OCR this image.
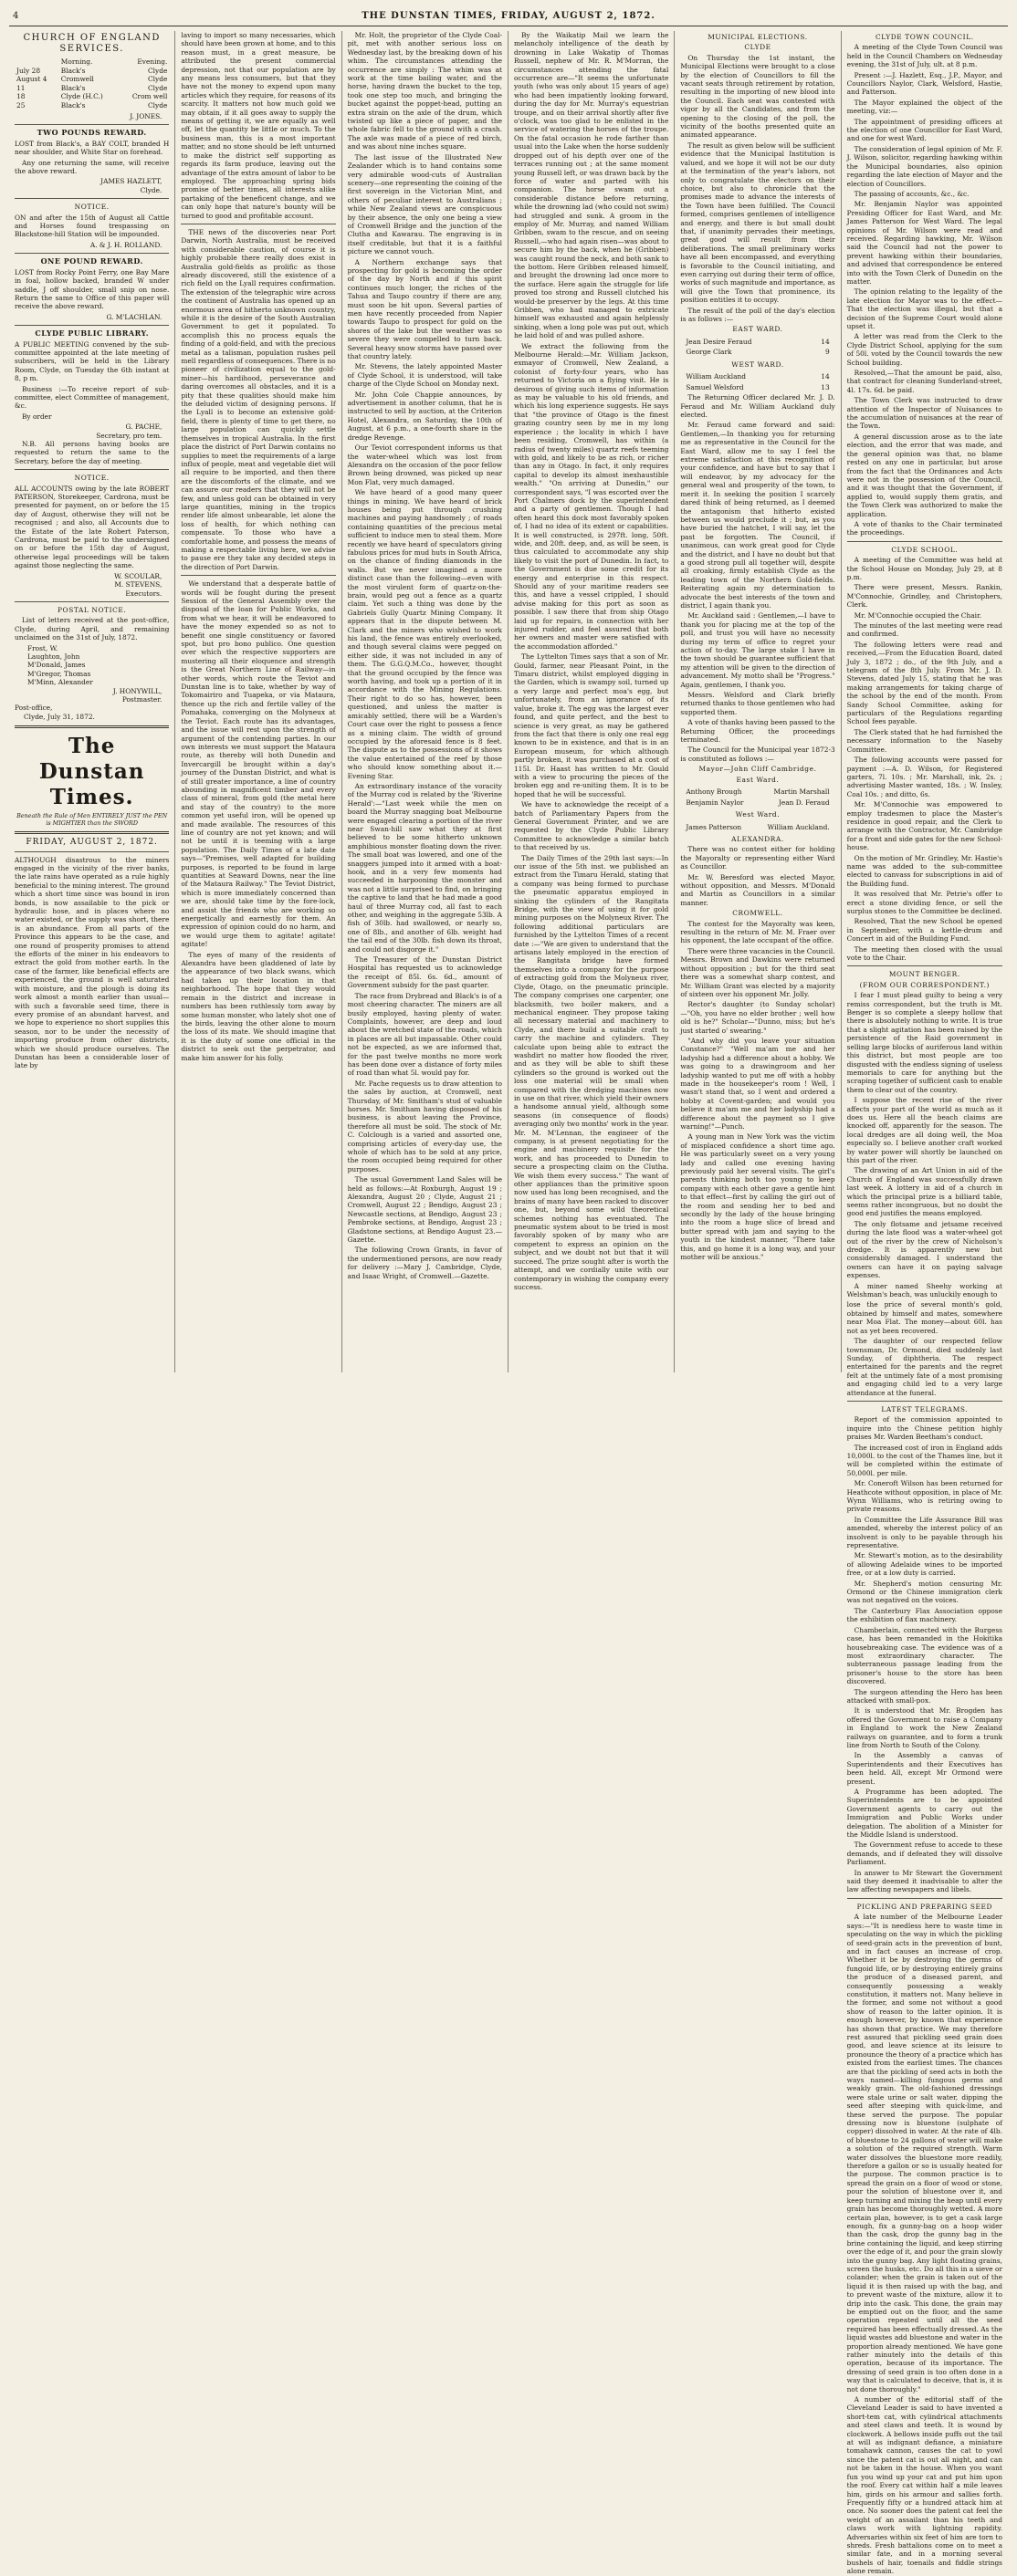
4	THE DUNSTAN TIMES, FRIDAY, AUGUST 2, 1872.
CHURCH OF ENGLAND SERVICES.
	Morning.	Evening.
July 28	Black's	Clyde
August 4	Cromwell	Clyde
11	Black's	Clyde
18	Clyde (H.C.)	Crom well
25	Black's	Clyde
J. JONES.
TWO POUNDS REWARD.

LOST from Black's, a BAY COLT, branded H near shoulder, and White Star on forehead.

Any one returning the same, will receive the above reward.

JAMES HAZLETT,
Clyde.
NOTICE.

ON and after the 15th of August all Cattle and Horses found trespassing on Blackstone-hill Station will be impounded.

A. & J. H. ROLLAND.
ONE POUND REWARD.

LOST from Rocky Point Ferry, one Bay Mare in foal, hollow backed, branded W under saddle, J off shoulder, small snip on nose. Return the same to Office of this paper will receive the above reward.

G. M'LACHLAN.
CLYDE PUBLIC LIBRARY.

A PUBLIC MEETING convened by the sub-committee appointed at the late meeting of subscribers, will be held in the Library Room, Clyde, on Tuesday the 6th instant at 8, p m.

Business :—To receive report of sub-committee, elect Committee of management, &c.

By order

G. PACHE,
Secretary, pro tem.

N.B. All persons having books are requested to return the same to the Secretary, before the day of meeting.

NOTICE.

ALL ACCOUNTS owing by the late ROBERT PATERSON, Storekeeper, Cardrona, must be presented for payment, on or before the 15 day of August, otherwise they will not be recognised ; and also, all Accounts due to the Estate of the late Robert Paterson, Cardrona, must be paid to the undersigned on or before the 15th day of August, otherwise legal proceedings will be taken against those neglecting the same.

W. SCOULAR,
M. STEVENS,
Executors.
POSTAL NOTICE.

List of letters received at the post-office, Clyde, during April, and remaining unclaimed on the 31st of July, 1872.

Frost, W.
Laughton, John
M'Donald, James
M'Gregor, Thomas
M'Minn, Alexander
J. HONYWILL,
Postmaster.
Post-office,
Clyde, July 31, 1872.
The Dunstan Times.
Beneath the Rule of Men ENTIRELY JUST the PEN is MIGHTIER than the SWORD
FRIDAY, AUGUST 2, 1872.

ALTHOUGH disastrous to the miners engaged in the vicinity of the river banks, the late rains have operated as a rule highly beneficial to the mining interest. The ground which a short time since was bound in iron bonds, is now assailable to the pick or hydraulic hose, and in places where no water existed, or the supply was short, there is an abundance. From all parts of the Province this appears to be the case, and one round of prosperity promises to attend the efforts of the miner in his endeavors to extract the gold from mother earth. In the case of the farmer, like beneficial effects are experienced, the ground is well saturated with moisture, and the plough is doing its work almost a month earlier than usual—with such a favorable seed time, there is every promise of an abundant harvest, and we hope to experience no short supplies this season, nor to be under the necessity of importing produce from other districts, which we should produce ourselves. The Dunstan has been a considerable loser of late by

laving to import so many necessaries, which should have been grown at home, and to this reason must, in a great measure, be attributed the present commercial depression, not that our population are by any means less consumers, but that they have not the money to expend upon many articles which they require, for reasons of its scarcity. It matters not how much gold we may obtain, if it all goes away to supply the means of getting it, we are equally as well off, let the quantity be little or much. To the business man, this is a most important matter, and no stone should be left unturned to make the district self supporting as regards its farm produce, leaving out the advantage of the extra amount of labor to be employed. The approaching spring bids promise of better times, all interests alike partaking of the beneficent change, and we can only hope that nature's bounty will be turned to good and profitable account.

THE news of the discoveries near Port Darwin, North Australia, must be received with considerable caution, of course it is highly probable there really does exist in Australia gold-fields as prolific as those already discovered, still the existence of a rich field on the Lyall requires confirmation. The extension of the telegraphic wire across the continent of Australia has opened up an enormous area of hitherto unknown country, while it is the desire of the South Australian Government to get it populated. To accomplish this no process equals the finding of a gold-field, and with the precious metal as a talisman, population rushes pell mell regardless of consequences. There is no pioneer of civilization equal to the gold-miner—his hardihood, perseverance and daring overcomes all obstacles, and it is a pity that these qualities should make him the deluded victim of designing persons. If the Lyall is to become an extensive gold-field, there is plenty of time to get there, no large population can quickly settle themselves in tropical Australia. In the first place the district of Port Darwin contains no supplies to meet the requirements of a large influx of people, meat and vegetable diet will all require to be imported, and then there are the discomforts of the climate, and we can assure our readers that they will not be few, and unless gold can be obtained in very large quantities, mining in the tropics render life almost unbearable, let alone the loss of health, for which nothing can compensate. To those who have a comfortable home, and possess the means of making a respectable living here, we advise to pause ere they take any decided steps in the direction of Port Darwin.

We understand that a desperate battle of words will be fought during the present Session of the General Assembly over the disposal of the loan for Public Works, and from what we hear, it will be endeavored to have the money expended so as not to benefit one single constituency or favored spot, but pro bono publico. One question over which the respective supporters are mustering all their eloquence and strength is the Great Northern Line of Railway—in other words, which route the Teviot and Dunstan line is to take, whether by way of Tokomairiro and Tuapeka, or via Mataura, thence up the rich and fertile valley of the Pomahaka, converging on the Molyneux at the Teviot. Each route has its advantages, and the issue will rest upon the strength of argument of the contending parties. In our own interests we must support the Mataura route, as thereby will both Dunedin and Invercargill be brought within a day's journey of the Dunstan District, and what is of still greater importance, a line of country abounding in magnificent timber and every class of mineral, from gold (the metal here and stay of the country) to the more common yet useful iron, will be opened up and made available. The resources of this line of country are not yet known; and will not be until it is teeming with a large population. The Daily Times of a late date says—"Premises, well adapted for building purposes, is reported to be found in large quantities at Seaward Downs, near the line of the Mataura Railway." The Teviot District, which is more immediately concerned than we are, should take time by the fore-lock, and assist the friends who are working so energetically and earnestly for them. An expression of opinion could do no harm, and we would urge them to agitate! agitate! agitate!

The eyes of many of the residents of Alexandra have been gladdened of late by the appearance of two black swans, which had taken up their location in that neighborhood. The hope that they would remain in the district and increase in numbers has been ruthlessly torn away by some human monster, who lately shot one of the birds, leaving the other alone to mourn the loss of its mate. We should imagine that it is the duty of some one official in the district to seek out the perpetrator, and make him answer for his folly.

Mr. Holt, the proprietor of the Clyde Coal-pit, met with another serious loss on Wednesday last, by the breaking down of his whim. The circumstances attending the occurrence are simply : The whim was at work at the time bailing water, and the horse, having drawn the bucket to the top, took one step too much, and bringing the bucket against the poppet-head, putting an extra strain on the axle of the drum, which twisted up like a piece of paper, and the whole fabric fell to the ground with a crash. The axle was made of a piece of red birch, and was about nine inches square.

The last issue of the Illustrated New Zealander which is to hand contains some very admirable wood-cuts of Australian scenery—one representing the coining of the first sovereign in the Victorian Mint, and others of peculiar interest to Australians ; while New Zealand views are conspicuous by their absence, the only one being a view of Cromwell Bridge and the junction of the Clutha and Kawarau. The engraving is in itself creditable, but that it is a faithful picture we cannot vouch.

A Northern exchange says that prospecting for gold is becoming the order of the day by North and if this spirit continues much longer, the riches of the Tahua and Taupo country if there are any, must soon be hit upon. Several parties of men have recently proceeded from Napier towards Taupo to prospect for gold on the shores of the lake but the weather was so severe they were compelled to turn back. Several heavy snow storms have passed over that country lately.

Mr. Stevens, the lately appointed Master of Clyde School, it is understood, will take charge of the Clyde School on Monday next.

Mr. John Cole Chappie announces, by advertisement in another column, that he is instructed to sell by auction, at the Criterion Hotel, Alexandra, on Saturday, the 10th of August, at 6 p.m., a one-fourth share in the dredge Revenge.

Our Teviot correspondent informs us that the water-wheel which was lost from Alexandra on the occasion of the poor fellow Brown being drowned, was picked up near Mon Flat, very much damaged.

We have heard of a good many queer things in mining. We have heard of brick houses being put through crushing machines and paying handsomely ; of roads containing quantities of the precious metal sufficient to induce men to steal them. More recently we have heard of speculators giving fabulous prices for mud huts in South Africa, on the chance of finding diamonds in the walls. But we never imagined a more distinct case than the following—even with the most virulent form of quartz-on-the-brain, would peg out a fence as a quartz claim. Yet such a thing was done by the Gabriels Gully Quartz Mining Company. It appears that in the dispute between M. Clark and the miners who wished to work his land, the fence was entirely overlooked, and though several claims were pegged on either side, it was not included in any of them. The G.G.Q.M.Co., however, thought that the ground occupied by the fence was worth having, and took up a portion of it in accordance with the Mining Regulations. Their right to do so has, however, been questioned, and unless the matter is amicably settled, there will be a Warden's Court case over the right to possess a fence as a mining claim. The width of ground occupied by the aforesaid fence is 8 feet. The dispute as to the possessions of it shows the value entertained of the reef by those who should know something about it.—Evening Star.

An extraordinary instance of the voracity of the Murray cod is related by the 'Riverine Herald':—"Last week while the men on board the Murray snagging boat Melbourne were engaged clearing a portion of the river near Swan-hill saw what they at first believed to be some hitherto unknown amphibious monster floating down the river. The small boat was lowered, and one of the snaggers jumped into it armed with a boat-hook, and in a very few moments had succeeded in harpooning the monster and was not a little surprised to find, on bringing the captive to land that he had made a good haul of three Murray cod, all fast to each other, and weighing in the aggregate 53lb. A fish of 30lb. had swallowed, or nearly so, one of 8lb., and another of 6lb. weight had the tail end of the 30lb. fish down its throat, and could not disgorge it."

The Treasurer of the Dunstan District Hospital has requested us to acknowledge the receipt of 85l. 6s. 6d., amount of Government subsidy for the past quarter.

The race from Drybread and Black's is of a most cheering character. The miners are all busily employed, having plenty of water. Complaints, however, are deep and loud about the wretched state of the roads, which in places are all but impassable. Other could not be expected, as we are informed that, for the past twelve months no more work has been done over a distance of forty miles of road than what 5l. would pay for.

Mr. Pache requests us to draw attention to the sales by auction, at Cromwell, next Thursday, of Mr. Smitham's stud of valuable horses. Mr. Smitham having disposed of his business, is about leaving the Province, therefore all must be sold. The stock of Mr. C. Colclough is a varied and assorted one, comprising articles of every-day use, the whole of which has to be sold at any price, the room occupied being required for other purposes.

The usual Government Land Sales will be held as follows:—At Roxburgh, August 19 ; Alexandra, August 20 ; Clyde, August 21 ; Cromwell, August 22 ; Bendigo, August 23 ; Newcastle sections, at Bendigo, August 23 ; Pembroke sections, at Bendigo, August 23 ; Gladstone sections, at Bendigo August 23.—Gazette.

The following Crown Grants, in favor of the undermentioned persons, are now ready for delivery :—Mary J. Cambridge, Clyde, and Isaac Wright, of Cromwell.—Gazette.

By the Waikatip Mail we learn the melancholy intelligence of the death by drowning in Lake Wakatip of Thomas Russell, nephew of Mr. R. M'Morran, the circumstances attending the fatal occurrence are—"It seems the unfortunate youth (who was only about 15 years of age) who had been impatiently looking forward, during the day for Mr. Murray's equestrian troupe, and on their arrival shortly after five o'clock, was too glad to be enlisted in the service of watering the horses of the troupe. On the fatal occasion he rode farther than usual into the Lake when the horse suddenly dropped out of his depth over one of the terraces running out ; at the same moment young Russell left, or was drawn back by the force of water and parted with his companion. The horse swam out a considerable distance before returning, while the drowning lad (who could not swim) had struggled and sunk. A groom in the employ of Mr. Murray, and named William Gribben, swam to the rescue, and on seeing Russell,—who had again risen—was about to secure him by the back, when he (Gribben) was caught round the neck, and both sank to the bottom. Here Gribben released himself, and brought the drowning lad once more to the surface. Here again the struggle for life proved too strong and Russell clutched his would-be preserver by the legs. At this time Gribben, who had managed to extricate himself was exhausted and again helplessly sinking, when a long pole was put out, which he laid hold of and was pulled ashore.

We extract the following from the Melbourne Herald:—Mr. William Jackson, exmayor of Cromwell, New Zealand, a colonist of forty-four years, who has returned to Victoria on a flying visit. He is desirous of giving such items of information as may be valuable to his old friends, and which his long experience suggests. He says that "the province of Otago is the finest grazing country seen by me in my long experience ; the locality in which I have been residing, Cromwell, has within (a radius of twenty miles) quartz reefs teeming with gold, and likely to be as rich, or richer than any in Otago. In fact, it only requires capital to develop its almost inexhaustible wealth." "On arriving at Dunedin," our correspondent says, "I was escorted over the Port Chalmers dock by the superintendent and a party of gentlemen. Though I had often heard this dock most favorably spoken of, I had no idea of its extent or capabilities. It is well constructed, is 297ft. long, 50ft. wide, and 20ft. deep, and, as will be seen, is thus calculated to accommodate any ship likely to visit the port of Dunedin. In fact, to the Government is due some credit for its energy and enterprise in this respect. Should any of your maritime readers see this, and have a vessel crippled, I should advise making for this port as soon as possible. I saw there that from ship Otago laid up for repairs, in connection with her injured rudder, and feel assured that both her owners and master were satisfied with the accommodation afforded."

The Lyttelton Times says that a son of Mr. Gould, farmer, near Pleasant Point, in the Timaru district, whilst employed digging in the Garden, which is swampy soil, turned up a very large and perfect moa's egg, but unfortunately, from an ignorance of its value, broke it. The egg was the largest ever found, and quite perfect, and the best to science is very great, as may be gathered from the fact that there is only one real egg known to be in existence, and that is in an European museum, for which although partly broken, it was purchased at a cost of 115l. Dr. Haast has written to Mr. Gould with a view to procuring the pieces of the broken egg and re-uniting them. It is to be hoped that he will be successful.

We have to acknowledge the receipt of a batch of Parliamentary Papers from the General Government Printer, and we are requested by the Clyde Public Library Committee to acknowledge a similar batch to that received by us.

The Daily Times of the 29th last says:—In our issue of the 5th inst. we published an extract from the Timaru Herald, stating that a company was being formed to purchase the pneumatic apparatus employed in sinking the cylinders of the Rangitata Bridge, with the view of using it for gold mining purposes on the Molyneux River. The following additional particulars are furnished by the Lyttelton Times of a recent date :—"We are given to understand that the artisans lately employed in the erection of the Rangitata bridge have formed themselves into a company for the purpose of extracting gold from the Molyneux river, Clyde, Otago, on the pneumatic principle. The company comprises one carpenter, one blacksmith, two boiler makers, and a mechanical engineer. They propose taking all necessary material and machinery to Clyde, and there build a suitable craft to carry the machine and cylinders. They calculate upon being able to extract the washdirt no matter how flooded the river, and as they will be able to shift these cylinders so the ground is worked out the loss one material will be small when compared with the dredging machines now in use on that river, which yield their owners a handsome annual yield, although some seasons (in consequence of floods) averaging only two months' work in the year. Mr. M. M'Lennan, the engineer of the company, is at present negotiating for the engine and machinery requisite for the work, and has proceeded to Dunedin to secure a prospecting claim on the Clutha. We wish them every success." The want of other appliances than the primitive spoon now used has long been recognised, and the brains of many have been racked to discover one, but, beyond some wild theoretical schemes nothing has eventuated. The pneumatic system about to be tried is most favorably spoken of by many who are competent to express an opinion on the subject, and we doubt not but that it will succeed. The prize sought after is worth the attempt, and we cordially unite with our contemporary in wishing the company every success.

MUNICIPAL ELECTIONS.
CLYDE

On Thursday the 1st instant, the Municipal Elections were brought to a close by the election of Councillors to fill the vacant seats through retirement by rotation, resulting in the importing of new blood into the Council. Each seat was contested with vigor by all the Candidates, and from the opening to the closing of the poll, the vicinity of the booths presented quite an animated appearance.

The result as given below will be sufficient evidence that the Municipal Institution is valued, and we hope it will not be our duty at the termination of the year's labors, not only to congratulate the electors on their choice, but also to chronicle that the promises made to advance the interests of the Town have been fulfilled. The Council formed, comprises gentlemen of intelligence and energy, and there is but small doubt that, if unanimity pervades their meetings, great good will result from their deliberations. The small preliminary works have all been encompassed, and everything is favorable to the Council initiating, and even carrying out during their term of office, works of such magnitude and importance, as will give the Town that prominence, its position entitles it to occupy.

The result of the poll of the day's election is as follows :—

EAST WARD.
Jean Desire Feraud	14
George Clark	9
WEST WARD.
William Auckland	14
Samuel Welsford	13

The Returning Officer declared Mr. J. D. Feraud and Mr. William Auckland duly elected.

Mr. Feraud came forward and said: Gentlemen,—In thanking you for returning me as representative in the Council for the East Ward, allow me to say I feel the extreme satisfaction at this recognition of your confidence, and have but to say that I will endeavor, by my advocacy for the general weal and prosperity of the town, to merit it. In seeking the position I scarcely dared think of being returned, as I deemed the antagonism that hitherto existed between us would preclude it ; but, as you have buried the hatchet, I will say, let the past be forgotten. The Council, if unanimous, can work great good for Clyde and the district, and I have no doubt but that a good strong pull all together will, despite all croaking, firmly establish Clyde as the leading town of the Northern Gold-fields. Reiterating again my determination to advocate the best interests of the town and district, I again thank you.

Mr. Auckland said : Gentlemen,—I have to thank you for placing me at the top of the poll, and trust you will have no necessity during my term of office to regret your action of to-day. The large stake I have in the town should be guarantee sufficient that my attention will be given to the direction of advancement. My motto shall be "Progress." Again, gentlemen, I thank you.

Messrs. Welsford and Clark briefly returned thanks to those gentlemen who had supported them.

A vote of thanks having been passed to the Returning Officer, the proceedings terminated.

The Council for the Municipal year 1872-3 is constituted as follows :—

Mayor—John Cliff Cambridge.
East Ward.
Anthony Brough	Martin Marshall
Benjamin Naylor	Jean D. Feraud
West Ward.
James Patterson	William Auckland.
ALEXANDRA.

There was no contest either for holding the Mayoralty or representing either Ward as Councillor.

Mr. W. Beresford was elected Mayor, without opposition, and Messrs. M'Donald and Martin as Councillors in a similar manner.

CROMWELL.

The contest for the Mayoralty was keen, resulting in the return of Mr. M. Fraer over his opponent, the late occupant of the office.

There were three vacancies in the Council. Messrs. Brown and Dawkins were returned without opposition ; but for the third seat there was a somewhat sharp contest, and Mr. William Grant was elected by a majority of sixteen over his opponent Mr. Jolly.

Rector's daughter (to Sunday scholar)—"Oh, you have no elder brother ; well how old is he?" Scholar—"Dunno, miss; but he's just started o' swearing."

"And why did you leave your situation Constance?" "Well ma'am me and her ladyship had a difference about a hobby. We was going to a drawingroom and her ladyship wanted to put me off with a hobby made in the housekeeper's room ! Well, I wasn't stand that, so I went and ordered a hobby at Covent-garden; and would you believe it ma'am me and her ladyship had a difference about the payment so I give warning!"—Punch.

A young man in New York was the victim of misplaced confidence a short time ago. He was particularly sweet on a very young lady and called one evening having previously paid her several visits. The girl's parents thinking both too young to keep company with each other gave a gentle hint to that effect—first by calling the girl out of the room and sending her to bed and secondly by the lady of the house bringing into the room a huge slice of bread and butter spread with jam and saying to the youth in the kindest manner, "There take this, and go home it is a long way, and your mother will be anxious."

CLYDE TOWN COUNCIL.

A meeting of the Clyde Town Council was held in the Council Chambers on Wednesday evening, the 31st of July, ult. at 8 p.m.

Present :—J. Hazlett, Esq., J.P., Mayor, and Councillors Naylor, Clark, Welsford, Hastie, and Patterson.

The Mayor explained the object of the meeting, viz:—

The appointment of presiding officers at the election of one Councillor for East Ward, and one for west Ward.

The consideration of legal opinion of Mr. F. J. Wilson, solicitor, regarding hawking within the Municipal boundaries, also opinion regarding the late election of Mayor and the election of Councillors.

The passing of accounts, &c., &c.

Mr. Benjamin Naylor was appointed Presiding Officer for East Ward, and Mr. James Patterson for West Ward. The legal opinions of Mr. Wilson were read and received. Regarding hawking, Mr. Wilson said the Council had not the power to prevent hawking within their boundaries, and advised that correspondence be entered into with the Town Clerk of Dunedin on the matter.

The opinion relating to the legality of the late election for Mayor was to the effect—That the election was illegal, but that a decision of the Supreme Court would alone upset it.

A letter was read from the Clerk to the Clyde District School, applying for the sum of 50l. voted by the Council towards the new School building.

Resolved,—That the amount be paid, also, that contract for cleaning Sunderland-street, 4l. 17s. 6d. be paid.

The Town Clerk was instructed to draw attention of the Inspector of Nuisances to the accumulation of nuisances at the rear of the Town.

A general discussion arose as to the late election, and the error that was made, and the general opinion was that, no blame rested on any one in particular, but arose from the fact that the Ordinances and Acts were not in the possession of the Council, and it was thought that the Government, if applied to, would supply them gratis, and the Town Clerk was authorized to make the application.

A vote of thanks to the Chair terminated the proceedings.

CLYDE SCHOOL.

A meeting of the Committee was held at the School House on Monday, July 29, at 8 p.m.

There were present, Messrs. Rankin, M'Connochie, Grindley, and Christophers, Clerk.

Mr. M'Connochie occupied the Chair.

The minutes of the last meeting were read and confirmed.

The following letters were read and received,—From the Education Board, dated July 3, 1872 ; do., of the 9th July, and a telegram of the 8th July. From Mr. J. D. Stevens, dated July 15, stating that he was making arrangements for taking charge of the school by the end of the month. From Sandy School Committee, asking for particulars of the Regulations regarding School fees payable.

The Clerk stated that he had furnished the necessary information to the Naseby Committee.

The following accounts were passed for payment :—A. D. Wilson, for Registered garters, 7l. 10s. ; Mr. Marshall, ink, 2s. ; advertising Master wanted, 18s. ; W. Insley, Coal 10s. ; and ditto, 6s.

Mr. M'Connochie was empowered to employ tradesmen to place the Master's residence in good repair, and the Clerk to arrange with the Contractor, Mr. Cambridge for a front and side gates for the new School-house.

On the motion of Mr. Grindley, Mr. Hastie's name was added to the sub-committee elected to canvass for subscriptions in aid of the Building fund.

It was resolved that Mr. Petrie's offer to erect a stone dividing fence, or sell the surplus stones to the Committee be declined.

Resolved, That the new School be opened in September, with a kettle-drum and Concert in aid of the Building Fund.

The meeting then closed with the usual vote to the Chair.

MOUNT BENGER.
(FROM OUR CORRESPONDENT.)

I fear I must plead guilty to being a very remiss correspondent, but the truth is Mt. Benger is so complete a sleepy hollow that there is absolutely nothing to write. It is true that a slight agitation has been raised by the persistence of the Raid government in selling large blocks of auriferous land within this district, but most people are too disgusted with the endless signing of useless memorials to care for anything but the scraping together of sufficient cash to enable them to clear out of the country.

I suppose the recent rise of the river affects your part of the world as much as it does us. Here all the beach claims are knocked off, apparently for the season. The local dredges are all doing well, the Moa especially so. I believe another craft worked by water power will shortly be launched on this part of the river.

The drawing of an Art Union in aid of the Church of England was successfully drawn last week. A lottery in aid of a church in which the principal prize is a billiard table, seems rather incongruous, but no doubt the good end justifies the means employed.

The only flotsame and jetsame received during the late flood was a water-wheel got out of the river by the crew of Nicholson's dredge. It is apparently new but considerably damaged. I understand the owners can have it on paying salvage expenses.

A miner named Sheehy working at Welshman's beach, was unluckily enough to

lose the price of several month's gold, obtained by himself and mates, somewhere near Moa Flat. The money—about 60l. has not as yet been recovered.

The daughter of our respected fellow townsman, Dr. Ormond, died suddenly last Sunday, of diphtheria. The respect entertained for the parents and the regret felt at the untimely fate of a most promising and engaging child led to a very large attendance at the funeral.

LATEST TELEGRAMS.

Report of the commission appointed to inquire into the Chinese petition highly praises Mr. Warden Beetham's conduct.

The increased cost of iron in England adds 10,000l. to the cost of the Thames line, but it will be completed within the estimate of 50,000l. per mile.

Mr. Coneroft Wilson has been returned for Heathcote without opposition, in place of Mr. Wynn Williams, who is retiring owing to private reasons.

In Committee the Life Assurance Bill was amended, whereby the interest policy of an insolvent is only to be payable through his representative.

Mr. Stewart's motion, as to the desirability of allowing Adelaide wines to be imported free, or at a low duty is carried.

Mr. Shepherd's motion censuring Mr. Ormond or the Chinese immigration clerk was not negatived on the voices.

The Canterbury Flax Association oppose the exhibition of flax machinery.

Chamberlain, connected with the Burgess case, has been remanded in the Hokitika housebreaking case. The evidence was of a most extraordinary character. The subterraneous passage leading from the prisoner's house to the store has been discovered.

The surgeon attending the Hero has been attacked with small-pox.

It is understood that Mr. Brogden has offered the Government to raise a Company in England to work the New Zealand railways on guarantee, and to form a trunk line from North to South of the Colony.

In the Assembly a canvas of Superintendents and their Executives has been held. All, except Mr Ormond were present.

A Programme has been adopted. The Superintendents are to be appointed Government agents to carry out the Immigration and Public Works under delegation. The abolition of a Minister for the Middle Island is understood.

The Government refuse to accede to these demands, and if defeated they will dissolve Parliament.

In answer to Mr Stewart the Government said they deemed it inadvisable to alter the law affecting newspapers and libels.

PICKLING AND PREPARING SEED

A late number of the Melbourne Leader says:—"It is needless here to waste time in speculating on the way in which the pickling of seed-grain acts in the prevention of bunt, and in fact causes an increase of crop. Whether it be by destroying the germs of fungoid life, or by destroying entirely grains the produce of a diseased parent, and consequently possessing a weakly constitution, it matters not. Many believe in the former, and some not without a good show of reason to the latter opinion. It is enough however, by known that experience has shown that practice. We may therefore rest assured that pickling seed grain does good, and leave science at its leisure to pronounce the theory of a practice which has existed from the earliest times. The chances are that the pickling of seed acts in both the ways named—killing fungous germs and weakly grain. The old-fashioned dressings were stale urine or salt water, dipping the seed after steeping with quick-lime, and these served the purpose. The popular dressing now is bluestone (sulphate of copper) dissolved in water. At the rate of 4lb. of bluestone to 24 gallons of water will make a solution of the required strength. Warm water dissolves the bluestone more readily, therefore a gallon or so is usually heated for the purpose. The common practice is to spread the grain on a floor of wood or stone, pour the solution of bluestone over it, and keep turning and mixing the heap until every grain has become thoroughly wetted. A more certain plan, however, is to get a cask large enough, fix a gunny-bag on a hoop wider than the cask, drop the gunny bag in the brine containing the liquid, and keep stirring over the edge of it, and pour the grain slowly into the gunny bag. Any light floating grains, screen the husks, etc. Do all this in a sieve or colander; when the grain is taken out of the liquid it is then raised up with the bag, and to prevent waste of the mixture, allow it to drip into the cask. This done, the grain may be emptied out on the floor, and the same operation repeated until all the seed required has been effectually dressed. As the liquid wastes add bluestone and water in the proportion already mentioned. We have gone rather minutely into the details of this operation, because of its importance. The dressing of seed grain is too often done in a way that is calculated to deceive, that is, it is not done thoroughly."

A number of the editorial staff of the Cleveland Leader is said to have invented a short-tem cat, with cylindrical attachments and steel claws and teeth. It is wound by clockwork. A bellows inside puffs out the tail at will as indignant defiance, a miniature tomahawk cannon, causes the cat to yowl since the patent cat is out all night, and can not be taken in the house. When you want fun you wind up your cat and put him upon the roof. Every cat within half a mile leaves him, girds on his armour and sallies forth. Frequently fifty or a hundred attack him at once. No sooner does the patent cat feel the weight of an assailant than his teeth and claws work with lightning rapidity. Adversaries within six feet of him are torn to shreds. Fresh battalions come on to meet a similar fate, and in a morning several bushels of hair, toenails and fiddle strings alone remain.
